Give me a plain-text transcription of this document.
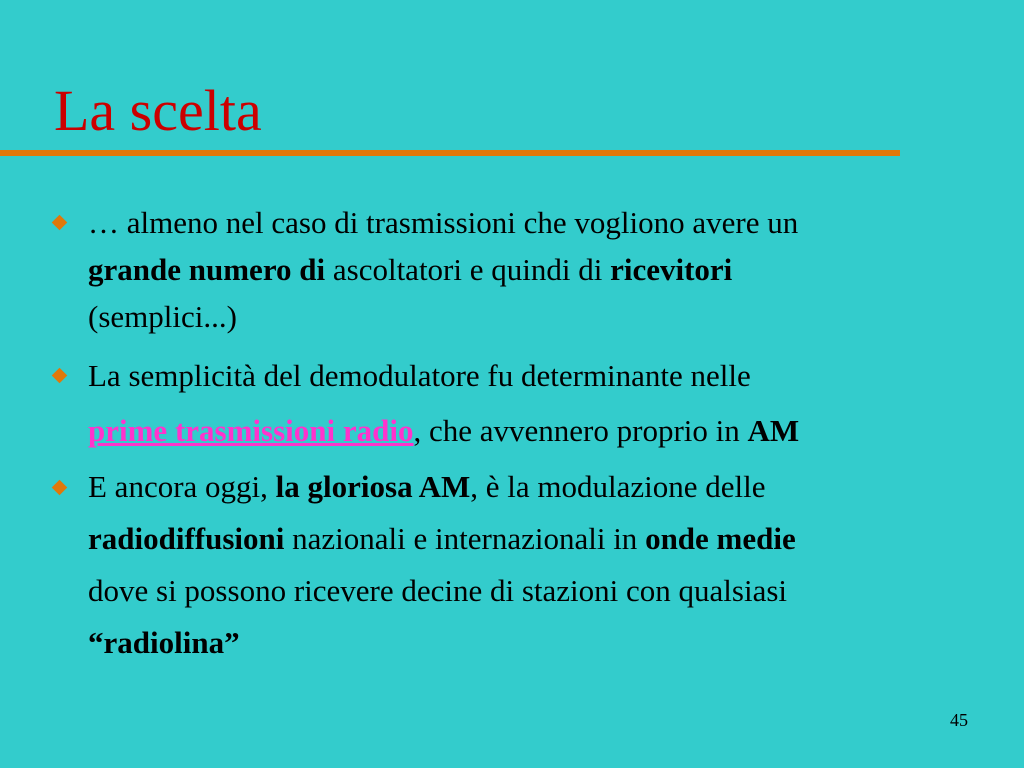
La scelta
… almeno nel caso di trasmissioni che vogliono avere un
grande numero di ascoltatori e quindi di ricevitori
(semplici...)
La semplicità del demodulatore fu determinante nelle
prime trasmissioni radio, che avvennero proprio in AM
E ancora oggi, la gloriosa AM, è la modulazione delle
radiodiffusioni nazionali e internazionali in onde medie
dove si possono ricevere decine di stazioni con qualsiasi
“radiolina”
45
